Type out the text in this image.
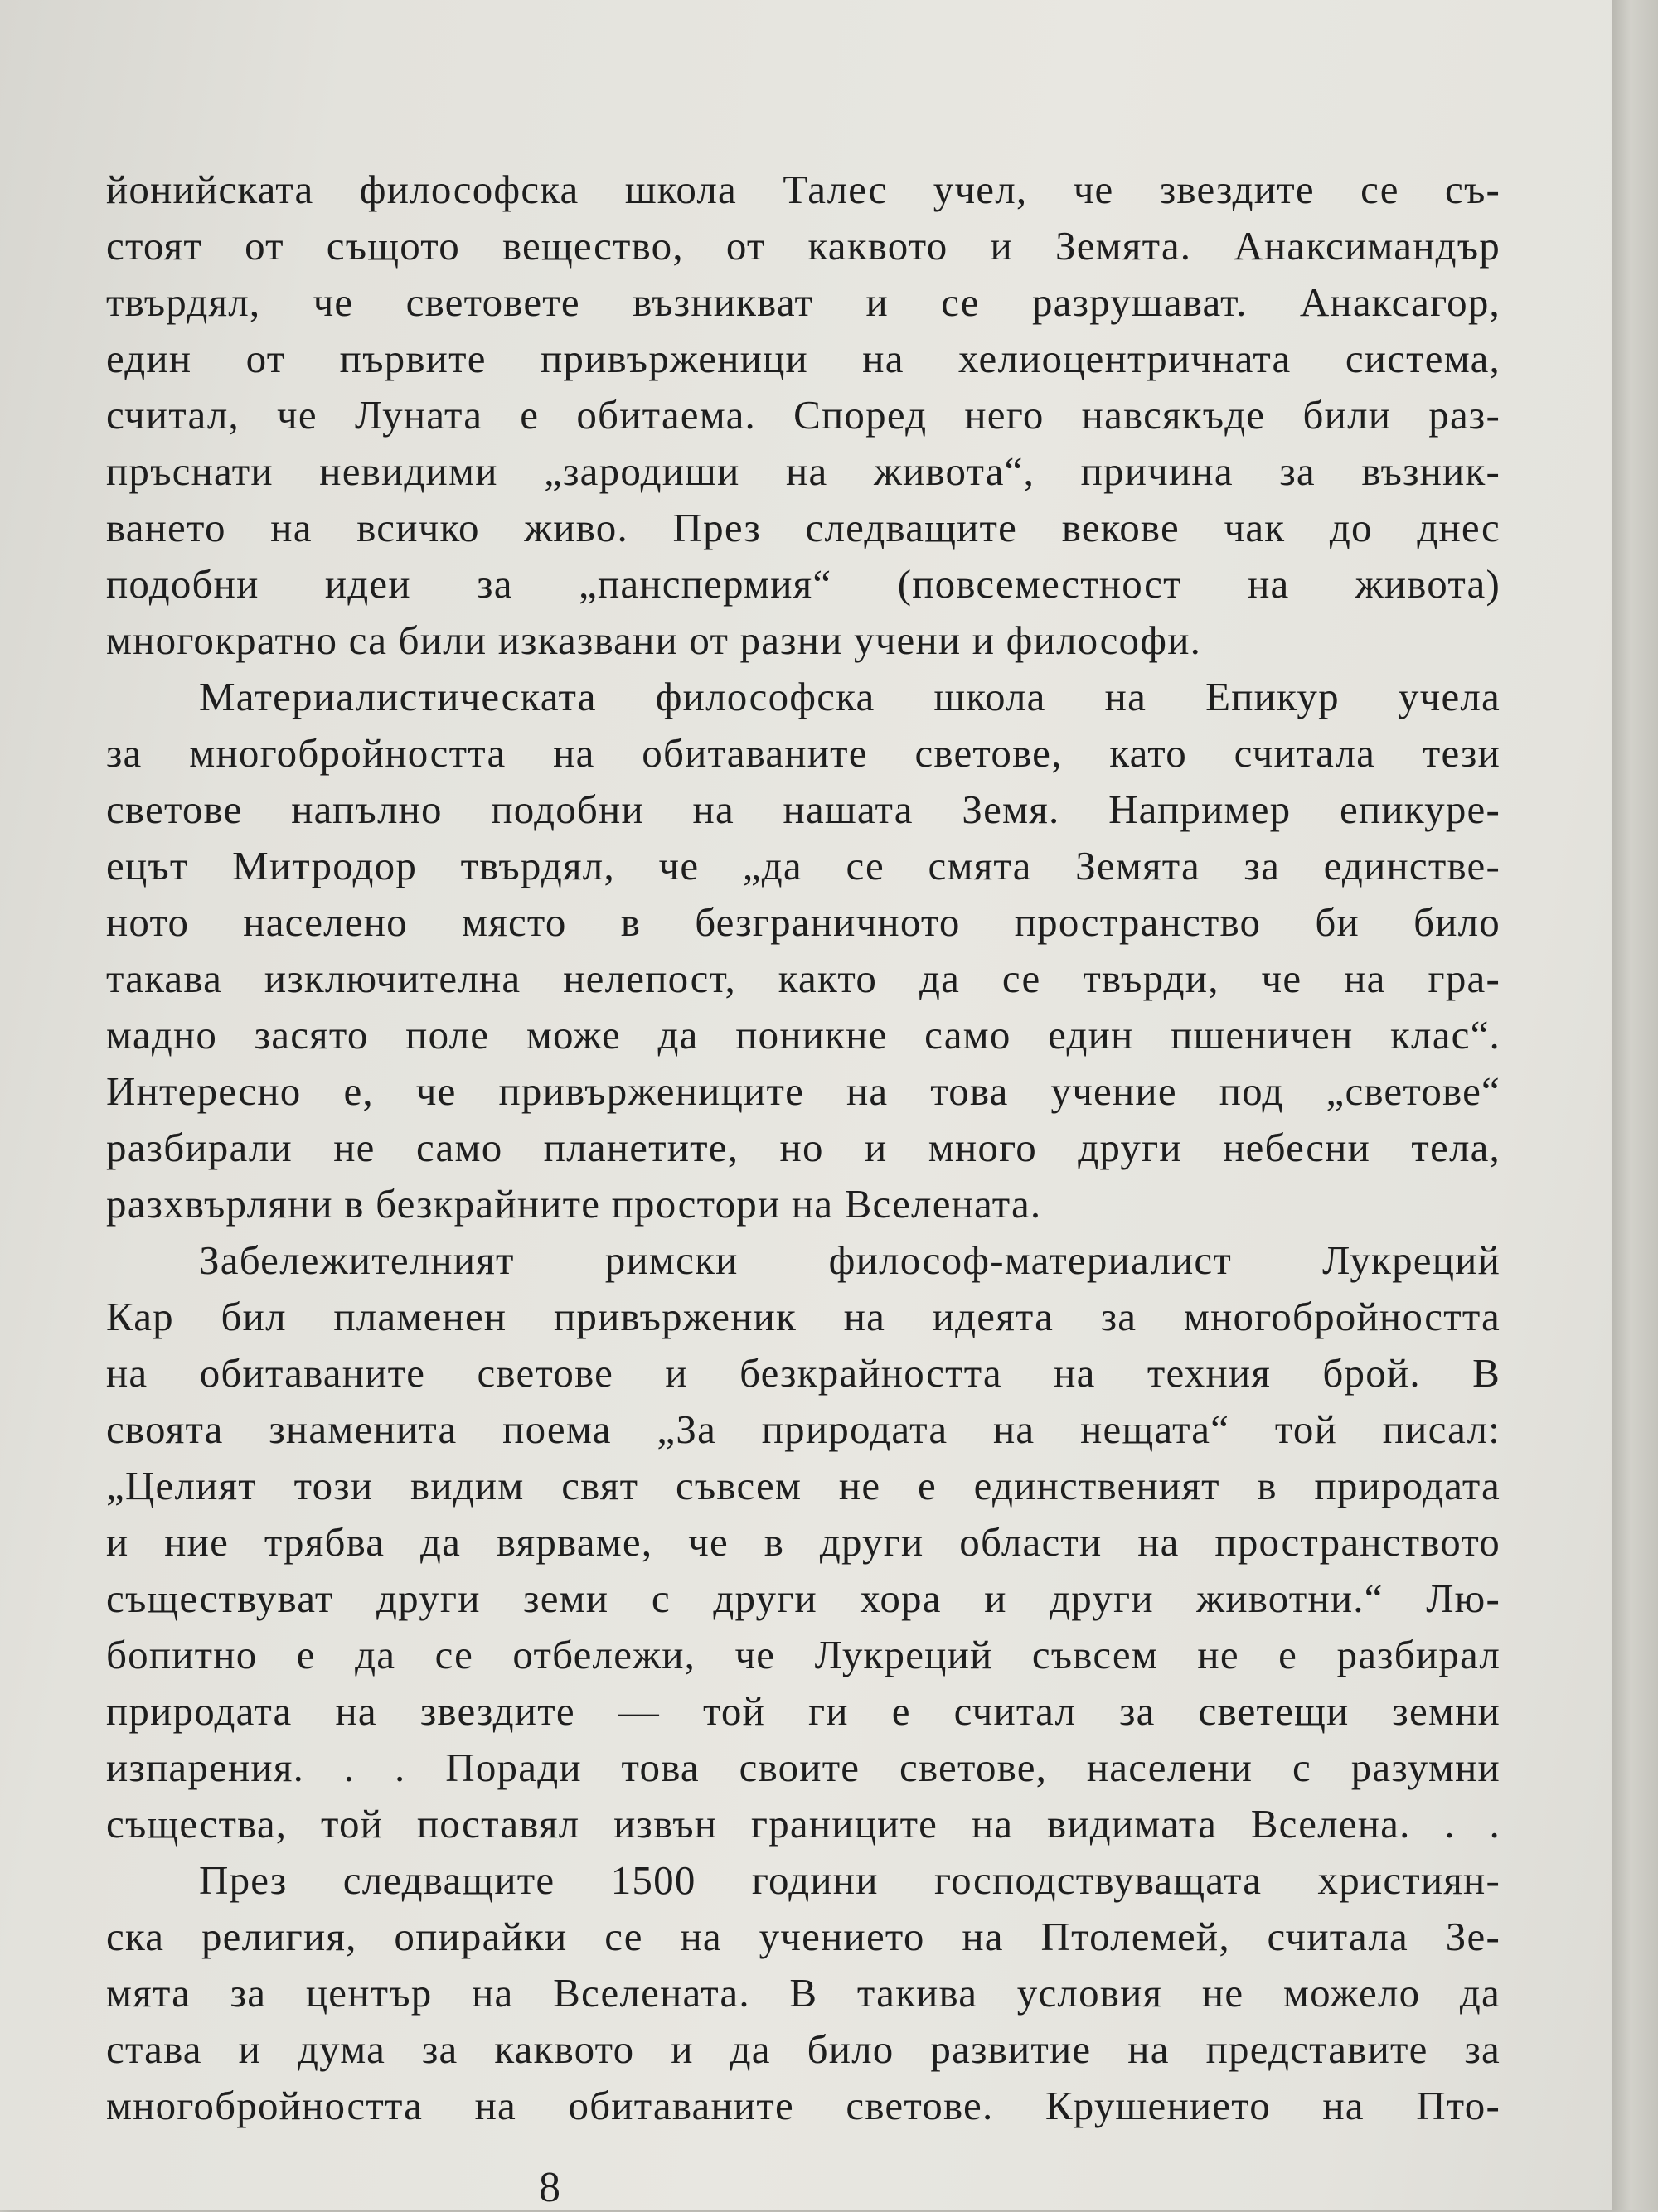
йонийската философска школа Талес учел, че звездите се съ-
стоят от същото вещество, от каквото и Земята. Анаксимандър
твърдял, че световете възникват и се разрушават. Анаксагор,
един от първите привърженици на хелиоцентричната система,
считал, че Луната е обитаема. Според него навсякъде били раз-
пръснати невидими „зародиши на живота“, причина за възник-
ването на всичко живо. През следващите векове чак до днес
подобни идеи за „панспермия“ (повсеместност на живота)
многократно са били изказвани от разни учени и философи.
Материалистическата философска школа на Епикур учела
за многобройността на обитаваните светове, като считала тези
светове напълно подобни на нашата Земя. Например епикуре-
ецът Митродор твърдял, че „да се смята Земята за единстве-
ното населено място в безграничното пространство би било
такава изключителна нелепост, както да се твърди, че на гра-
мадно засято поле може да поникне само един пшеничен клас“.
Интересно е, че привържениците на това учение под „светове“
разбирали не само планетите, но и много други небесни тела,
разхвърляни в безкрайните простори на Вселената.
Забележителният римски философ-материалист Лукреций
Кар бил пламенен привърженик на идеята за многобройността
на обитаваните светове и безкрайността на техния брой. В
своята знаменита поема „За природата на нещата“ той писал:
„Целият този видим свят съвсем не е единственият в природата
и ние трябва да вярваме, че в други области на пространството
съществуват други земи с други хора и други животни.“ Лю-
бопитно е да се отбележи, че Лукреций съвсем не е разбирал
природата на звездите — той ги е считал за светещи земни
изпарения. . . Поради това своите светове, населени с разумни
същества, той поставял извън границите на видимата Вселена. . .
През следващите 1500 години господствуващата християн-
ска религия, опирайки се на учението на Птолемей, считала Зе-
мята за център на Вселената. В такива условия не можело да
става и дума за каквото и да било развитие на представите за
многобройността на обитаваните светове. Крушението на Пто-
8
